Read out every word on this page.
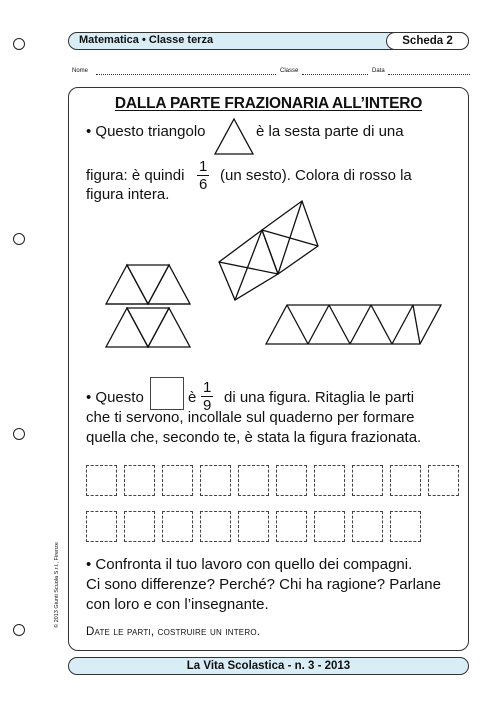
Matematica • Classe terza	Scheda 2
Nome	Classe	Data
DALLA PARTE FRAZIONARIA ALL’INTERO
• Questo triangolo	è la sesta parte di una
figura: è quindi $\frac{1}{6} (un$ sesto). Colora di rosso la
figura intera.
• Questo	è $\frac{1}{9}$ di una figura. Ritaglia le parti
che ti servono, incollale sul quaderno per formare
quella che, secondo te, è stata la figura frazionata.
• Confronta il tuo lavoro con quello dei compagni.
Ci sono differenze? Perché? Chi ha ragione? Parlane
con loro e con l’insegnante.
Date le parti, costruire un intero.
© 2013 Giunti Scuola S.r.l., Firenze
La Vita Scolastica - n. 3 - 2013
